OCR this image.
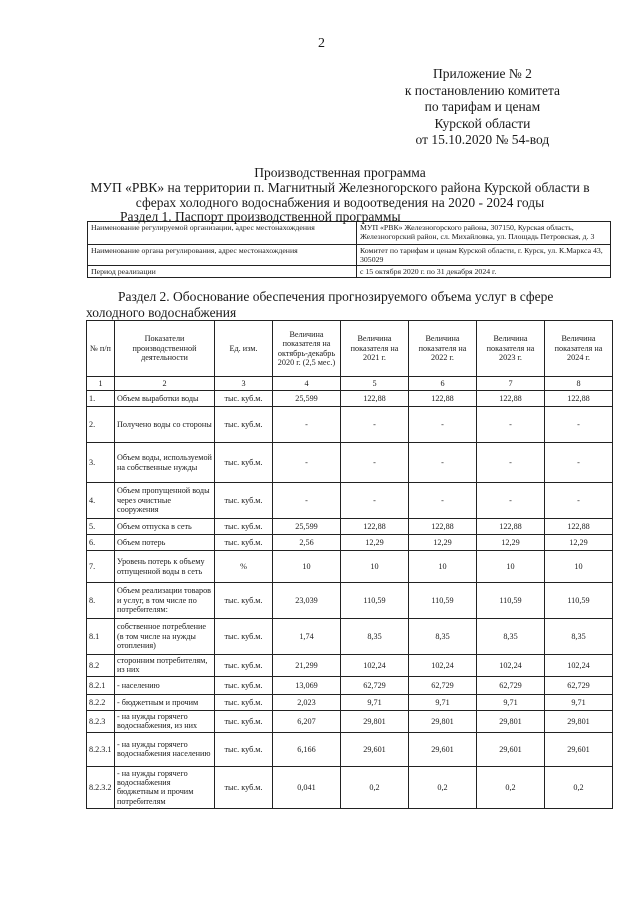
2
Приложение № 2
к постановлению комитета
по тарифам и ценам
Курской области
от 15.10.2020 № 54-вод
Производственная программа
МУП «РВК» на территории п. Магнитный Железногорского района Курской области в
сферах холодного водоснабжения и водоотведения на 2020 - 2024 годы
Раздел 1. Паспорт производственной программы
Наименование регулируемой организации, адрес местонахождения	МУП «РВК» Железногорского района, 307150, Курская область, Железногорский район, сл. Михайловка, ул. Площадь Петровская, д. 3
Наименование органа регулирования, адрес местонахождения	Комитет по тарифам и ценам Курской области, г. Курск, ул. К.Маркса 43, 305029
Период реализации	с 15 октября 2020 г. по 31 декабря 2024 г.
Раздел 2. Обоснование обеспечения прогнозируемого объема услуг в сфере
холодного водоснабжения
№ п/п	Показатели производственной деятельности	Ед. изм.	Величина показателя на октябрь-декабрь 2020 г. (2,5 мес.)	Величина показателя на 2021 г.	Величина показателя на 2022 г.	Величина показателя на 2023 г.	Величина показателя на 2024 г.
1	2	3	4	5	6	7	8
1.	Объем выработки воды	тыс. куб.м.	25,599	122,88	122,88	122,88	122,88
2.	Получено воды со стороны	тыс. куб.м.	-	-	-	-	-
3.	Объем воды, используемой на собственные нужды	тыс. куб.м.	-	-	-	-	-
4.	Объем пропущенной воды через очистные сооружения	тыс. куб.м.	-	-	-	-	-
5.	Объем отпуска в сеть	тыс. куб.м.	25,599	122,88	122,88	122,88	122,88
6.	Объем потерь	тыс. куб.м.	2,56	12,29	12,29	12,29	12,29
7.	Уровень потерь к объему отпущенной воды в сеть	%	10	10	10	10	10
8.	Объем реализации товаров и услуг, в том числе по потребителям:	тыс. куб.м.	23,039	110,59	110,59	110,59	110,59
8.1	собственное потребление (в том числе на нужды отопления)	тыс. куб.м.	1,74	8,35	8,35	8,35	8,35
8.2	сторонним потребителям, из них	тыс. куб.м.	21,299	102,24	102,24	102,24	102,24
8.2.1	- населению	тыс. куб.м.	13,069	62,729	62,729	62,729	62,729
8.2.2	- бюджетным и прочим	тыс. куб.м.	2,023	9,71	9,71	9,71	9,71
8.2.3	- на нужды горячего водоснабжения, из них	тыс. куб.м.	6,207	29,801	29,801	29,801	29,801
8.2.3.1	- на нужды горячего водоснабжения населению	тыс. куб.м.	6,166	29,601	29,601	29,601	29,601
8.2.3.2	- на нужды горячего водоснабжения бюджетным и прочим потребителям	тыс. куб.м.	0,041	0,2	0,2	0,2	0,2
